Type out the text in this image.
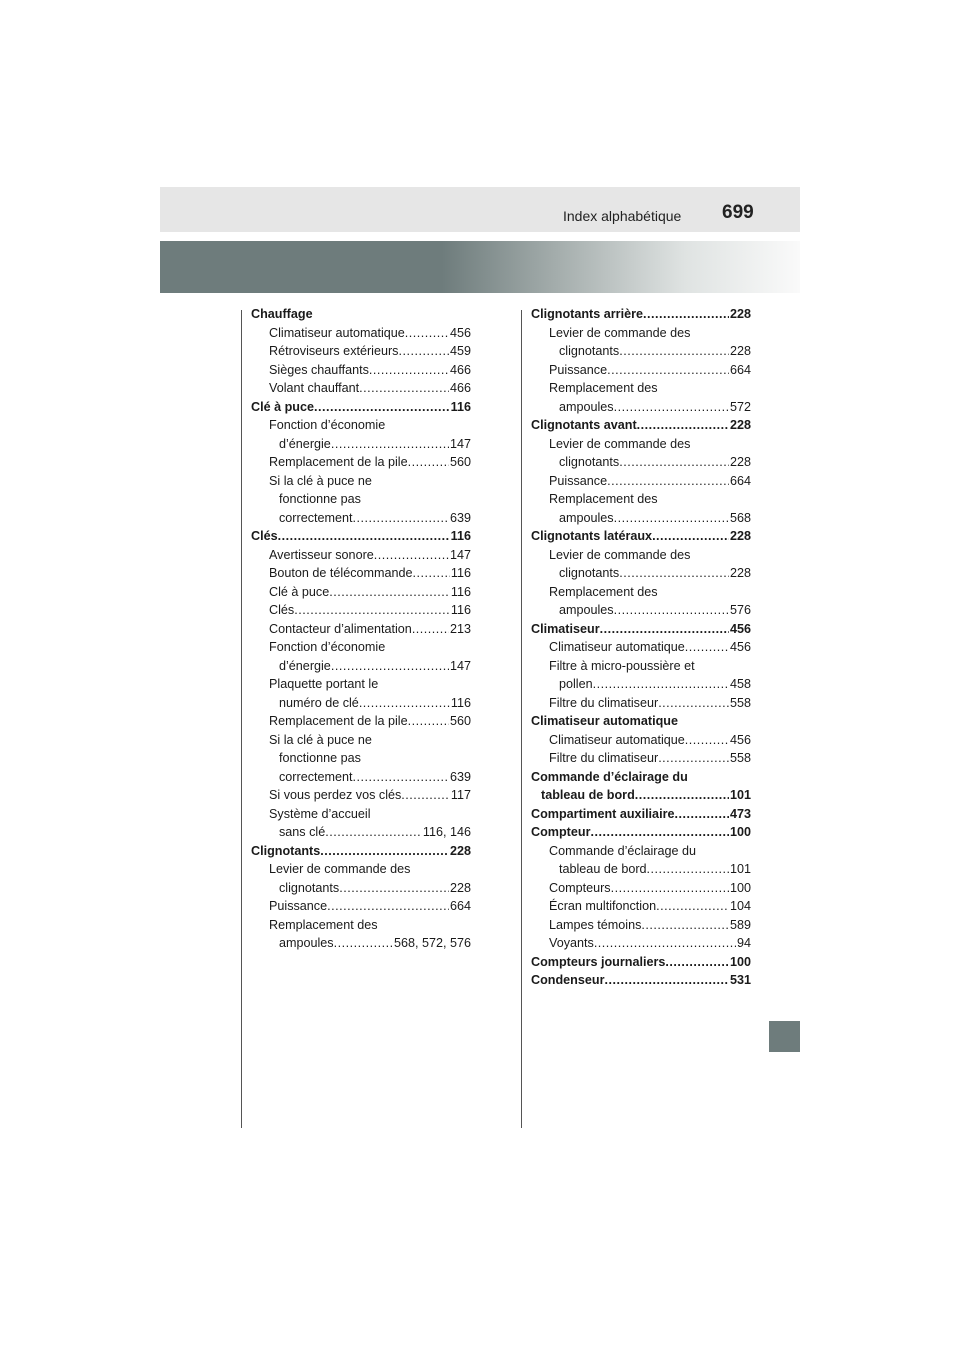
Index alphabétique 699
Chauffage
Climatiseur automatique .....	456
Rétroviseurs extérieurs .....	459
Sièges chauffants .....	466
Volant chauffant .....	466
Clé à puce .....	116
Fonction d’économie
d’énergie .....	147
Remplacement de la pile .....	560
Si la clé à puce ne
fonctionne pas
correctement .....	639
Clés .....	116
Avertisseur sonore .....	147
Bouton de télécommande .....	116
Clé à puce .....	116
Clés .....	116
Contacteur d’alimentation .....	213
Fonction d’économie
d’énergie .....	147
Plaquette portant le
numéro de clé .....	116
Remplacement de la pile .....	560
Si la clé à puce ne
fonctionne pas
correctement .....	639
Si vous perdez vos clés .....	117
Système d’accueil
sans clé .....	116, 146
Clignotants .....	228
Levier de commande des
clignotants .....	228
Puissance .....	664
Remplacement des
ampoules .....	568, 572, 576
Clignotants arrière .....	228
Levier de commande des
clignotants .....	228
Puissance .....	664
Remplacement des
ampoules .....	572
Clignotants avant .....	228
Levier de commande des
clignotants .....	228
Puissance .....	664
Remplacement des
ampoules .....	568
Clignotants latéraux .....	228
Levier de commande des
clignotants .....	228
Remplacement des
ampoules .....	576
Climatiseur .....	456
Climatiseur automatique .....	456
Filtre à micro-poussière et
pollen .....	458
Filtre du climatiseur .....	558
Climatiseur automatique
Climatiseur automatique .....	456
Filtre du climatiseur .....	558
Commande d’éclairage du
tableau de bord .....	101
Compartiment auxiliaire .....	473
Compteur .....	100
Commande d’éclairage du
tableau de bord .....	101
Compteurs .....	100
Écran multifonction .....	104
Lampes témoins .....	589
Voyants .....	94
Compteurs journaliers .....	100
Condenseur .....	531
